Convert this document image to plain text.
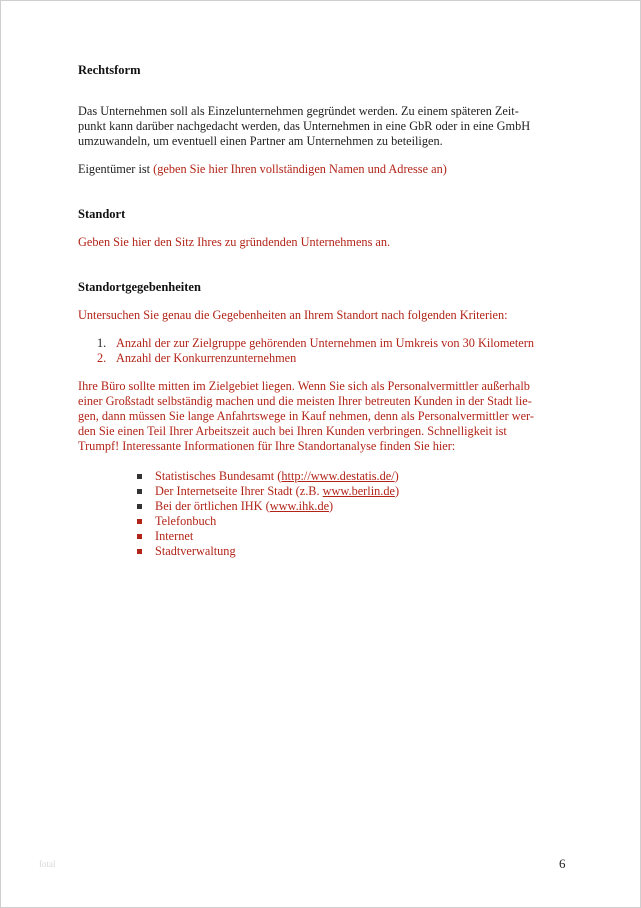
Rechtsform

Das Unternehmen soll als Einzelunternehmen gegründet werden. Zu einem späteren Zeit-
punkt kann darüber nachgedacht werden, das Unternehmen in eine GbR oder in eine GmbH
umzuwandeln, um eventuell einen Partner am Unternehmen zu beteiligen.

Eigentümer ist (geben Sie hier Ihren vollständigen Namen und Adresse an)

Standort

Geben Sie hier den Sitz Ihres zu gründenden Unternehmens an.

Standortgegebenheiten

Untersuchen Sie genau die Gegebenheiten an Ihrem Standort nach folgenden Kriterien:

1. Anzahl der zur Zielgruppe gehörenden Unternehmen im Umkreis von 30 Kilometern
2. Anzahl der Konkurrenzunternehmen

Ihre Büro sollte mitten im Zielgebiet liegen. Wenn Sie sich als Personalvermittler außerhalb
einer Großstadt selbständig machen und die meisten Ihrer betreuten Kunden in der Stadt lie-
gen, dann müssen Sie lange Anfahrtswege in Kauf nehmen, denn als Personalvermittler wer-
den Sie einen Teil Ihrer Arbeitszeit auch bei Ihren Kunden verbringen. Schnelligkeit ist
Trumpf! Interessante Informationen für Ihre Standortanalyse finden Sie hier:

Statistisches Bundesamt (http://www.destatis.de/)
Der Internetseite Ihrer Stadt (z.B. www.berlin.de)
Bei der örtlichen IHK (www.ihk.de)
Telefonbuch
Internet
Stadtverwaltung
fotal	6
